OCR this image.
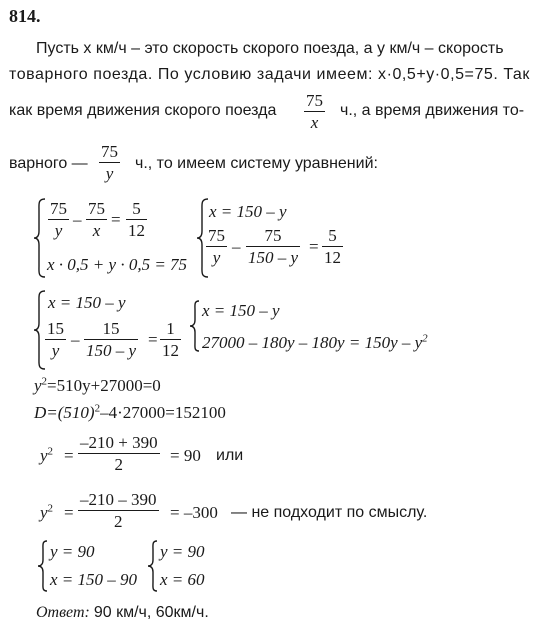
814.
Пусть x км/ч – это скорость скорого поезда, а y км/ч – скорость
товарного поезда. По условию задачи имеем: x·0,5+y·0,5=75. Так
как время движения скорого поезда
75
x
ч., а время движения то-
варного —
75
y
ч., то имеем систему уравнений:
75
y
–
75
x
=
5
12
x · 0,5 + y · 0,5 = 75
x = 150 – y
75
y
–
75
150 – y
=
5
12
x = 150 – y
15
y
–
15
150 – y
=
1
12
x = 150 – y
$27000 - 180y - 180y = 150y - y^2$
$y^2=510y+27000=0$
$D=(510)^2-4\cdot 27000=152100$
$y^2$ =
–210 + 390
2	= 90 или
$y^2$ =
–210 – 390
2	= –300 — не подходит по смыслу.
y = 90
x = 150 – 90
y = 90
x = 60
Ответ: 90 км/ч, 60км/ч.
